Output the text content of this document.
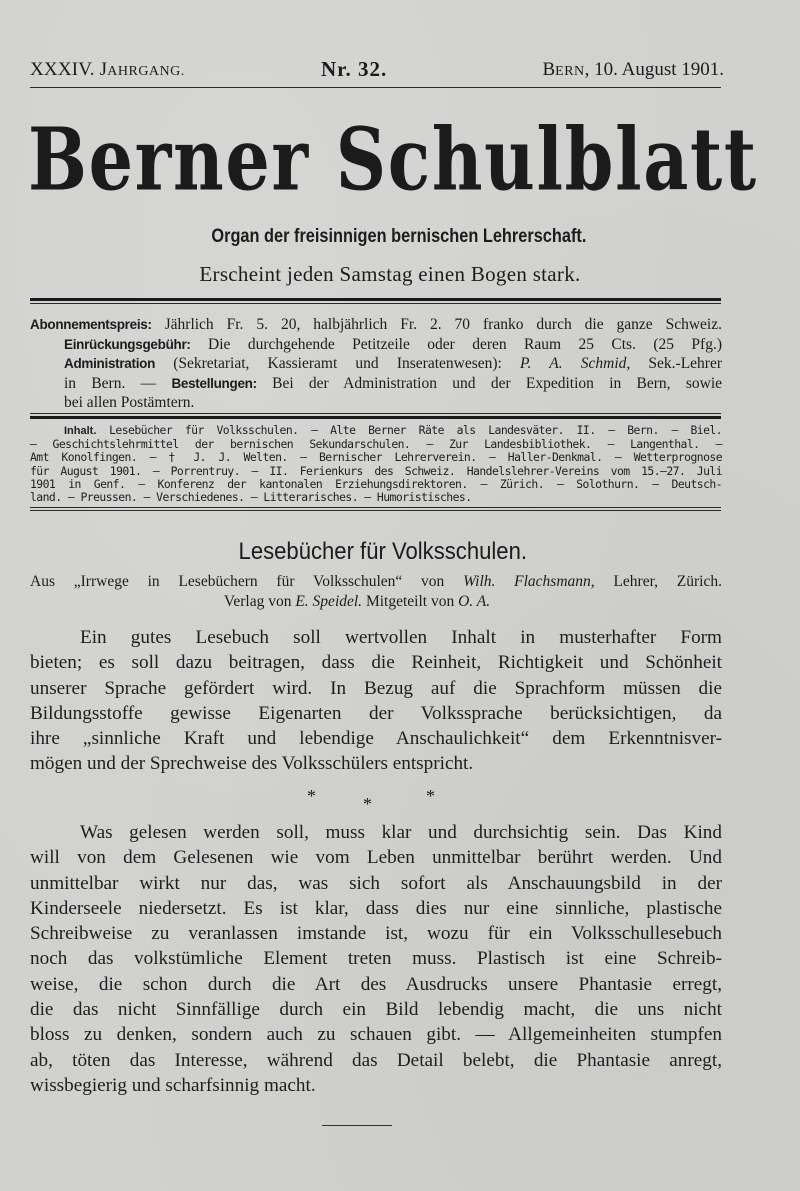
XXXIV. JAHRGANG.	Nr. 32.	BERN, 10. August 1901.
Berner Schulblatt
Organ der freisinnigen bernischen Lehrerschaft.
Erscheint jeden Samstag einen Bogen stark.

Abonnementspreis: Jährlich Fr. 5. 20, halbjährlich Fr. 2. 70 franko durch die ganze Schweiz.

Einrückungsgebühr: Die durchgehende Petitzeile oder deren Raum 25 Cts. (25 Pfg.)

Administration (Sekretariat, Kassieramt und Inseratenwesen): P. A. Schmid, Sek.-Lehrer

in Bern. — Bestellungen: Bei der Administration und der Expedition in Bern, sowie

bei allen Postämtern.

Inhalt. Lesebücher für Volksschulen. — Alte Berner Räte als Landesväter. II. — Bern. — Biel.

— Geschichtslehrmittel der bernischen Sekundarschulen. — Zur Landesbibliothek. — Langenthal. —

Amt Konolfingen. — † J. J. Welten. — Bernischer Lehrerverein. — Haller-Denkmal. — Wetterprognose

für August 1901. — Porrentruy. — II. Ferienkurs des Schweiz. Handelslehrer-Vereins vom 15.—27. Juli

1901 in Genf. — Konferenz der kantonalen Erziehungsdirektoren. — Zürich. — Solothurn. — Deutsch-

land. — Preussen. — Verschiedenes. — Litterarisches. — Humoristisches.

Lesebücher für Volksschulen.

Aus „Irrwege in Lesebüchern für Volksschulen“ von Wilh. Flachsmann, Lehrer, Zürich.

Verlag von E. Speidel. Mitgeteilt von O. A.

Ein gutes Lesebuch soll wertvollen Inhalt in musterhafter Form

bieten; es soll dazu beitragen, dass die Reinheit, Richtigkeit und Schönheit

unserer Sprache gefördert wird. In Bezug auf die Sprachform müssen die

Bildungsstoffe gewisse Eigenarten der Volkssprache berücksichtigen, da

ihre „sinnliche Kraft und lebendige Anschaulichkeit“ dem Erkenntnisver-

mögen und der Sprechweise des Volksschülers entspricht.

*	*	*

Was gelesen werden soll, muss klar und durchsichtig sein. Das Kind

will von dem Gelesenen wie vom Leben unmittelbar berührt werden. Und

unmittelbar wirkt nur das, was sich sofort als Anschauungsbild in der

Kinderseele niedersetzt. Es ist klar, dass dies nur eine sinnliche, plastische

Schreibweise zu veranlassen imstande ist, wozu für ein Volksschullesebuch

noch das volkstümliche Element treten muss. Plastisch ist eine Schreib-

weise, die schon durch die Art des Ausdrucks unsere Phantasie erregt,

die das nicht Sinnfällige durch ein Bild lebendig macht, die uns nicht

bloss zu denken, sondern auch zu schauen gibt. — Allgemeinheiten stumpfen

ab, töten das Interesse, während das Detail belebt, die Phantasie anregt,

wissbegierig und scharfsinnig macht.
